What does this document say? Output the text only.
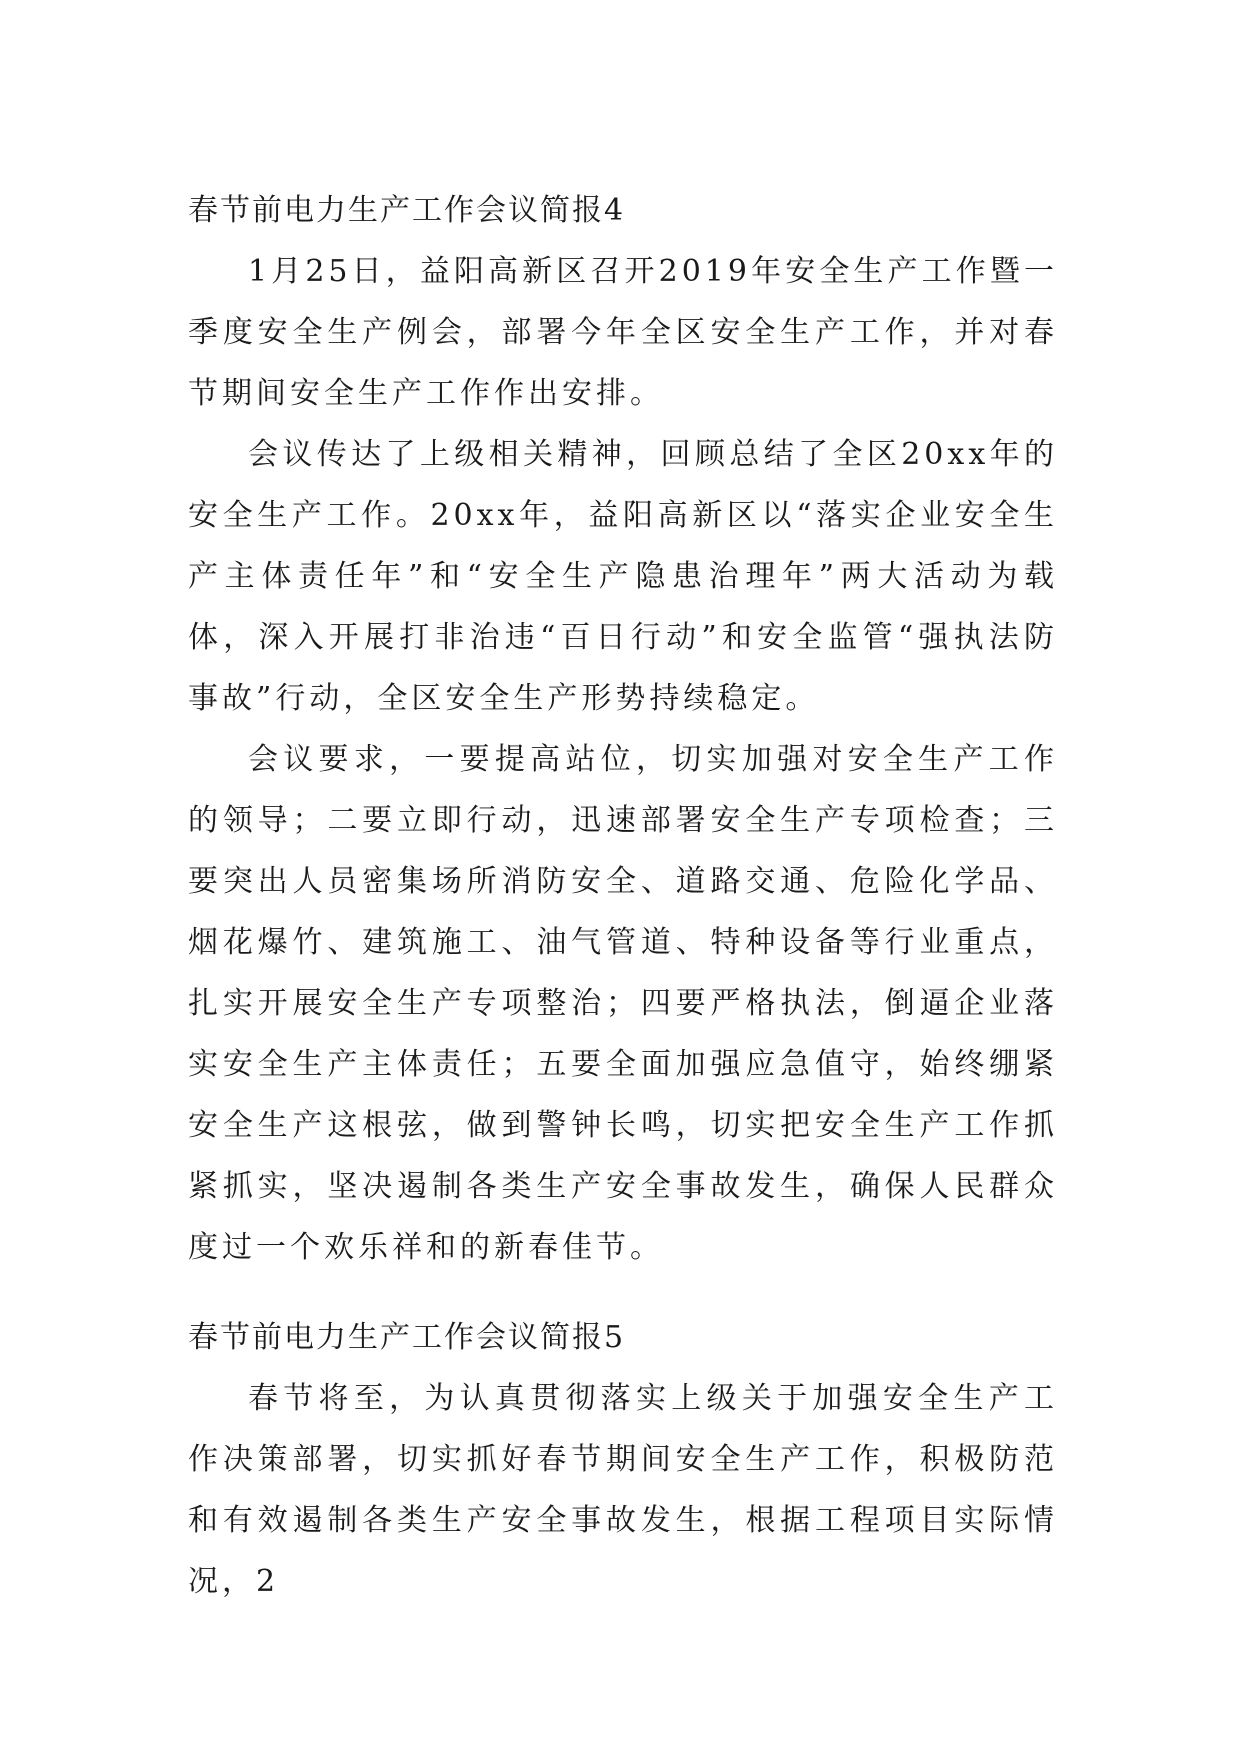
春节前电力生产工作会议简报4

1月25日，益阳高新区召开2019年安全生产工作暨一季度安全生产例会，部署今年全区安全生产工作，并对春节期间安全生产工作作出安排。

会议传达了上级相关精神，回顾总结了全区20xx年的安全生产工作。20xx年，益阳高新区以“落实企业安全生产主体责任年”和“安全生产隐患治理年”两大活动为载体，深入开展打非治违“百日行动”和安全监管“强执法防事故”行动，全区安全生产形势持续稳定。

会议要求，一要提高站位，切实加强对安全生产工作的领导；二要立即行动，迅速部署安全生产专项检查；三要突出人员密集场所消防安全、道路交通、危险化学品、烟花爆竹、建筑施工、油气管道、特种设备等行业重点，扎实开展安全生产专项整治；四要严格执法，倒逼企业落实安全生产主体责任；五要全面加强应急值守，始终绷紧安全生产这根弦，做到警钟长鸣，切实把安全生产工作抓紧抓实，坚决遏制各类生产安全事故发生，确保人民群众度过一个欢乐祥和的新春佳节。

春节前电力生产工作会议简报5

春节将至，为认真贯彻落实上级关于加强安全生产工作决策部署，切实抓好春节期间安全生产工作，积极防范和有效遏制各类生产安全事故发生，根据工程项目实际情况，2
